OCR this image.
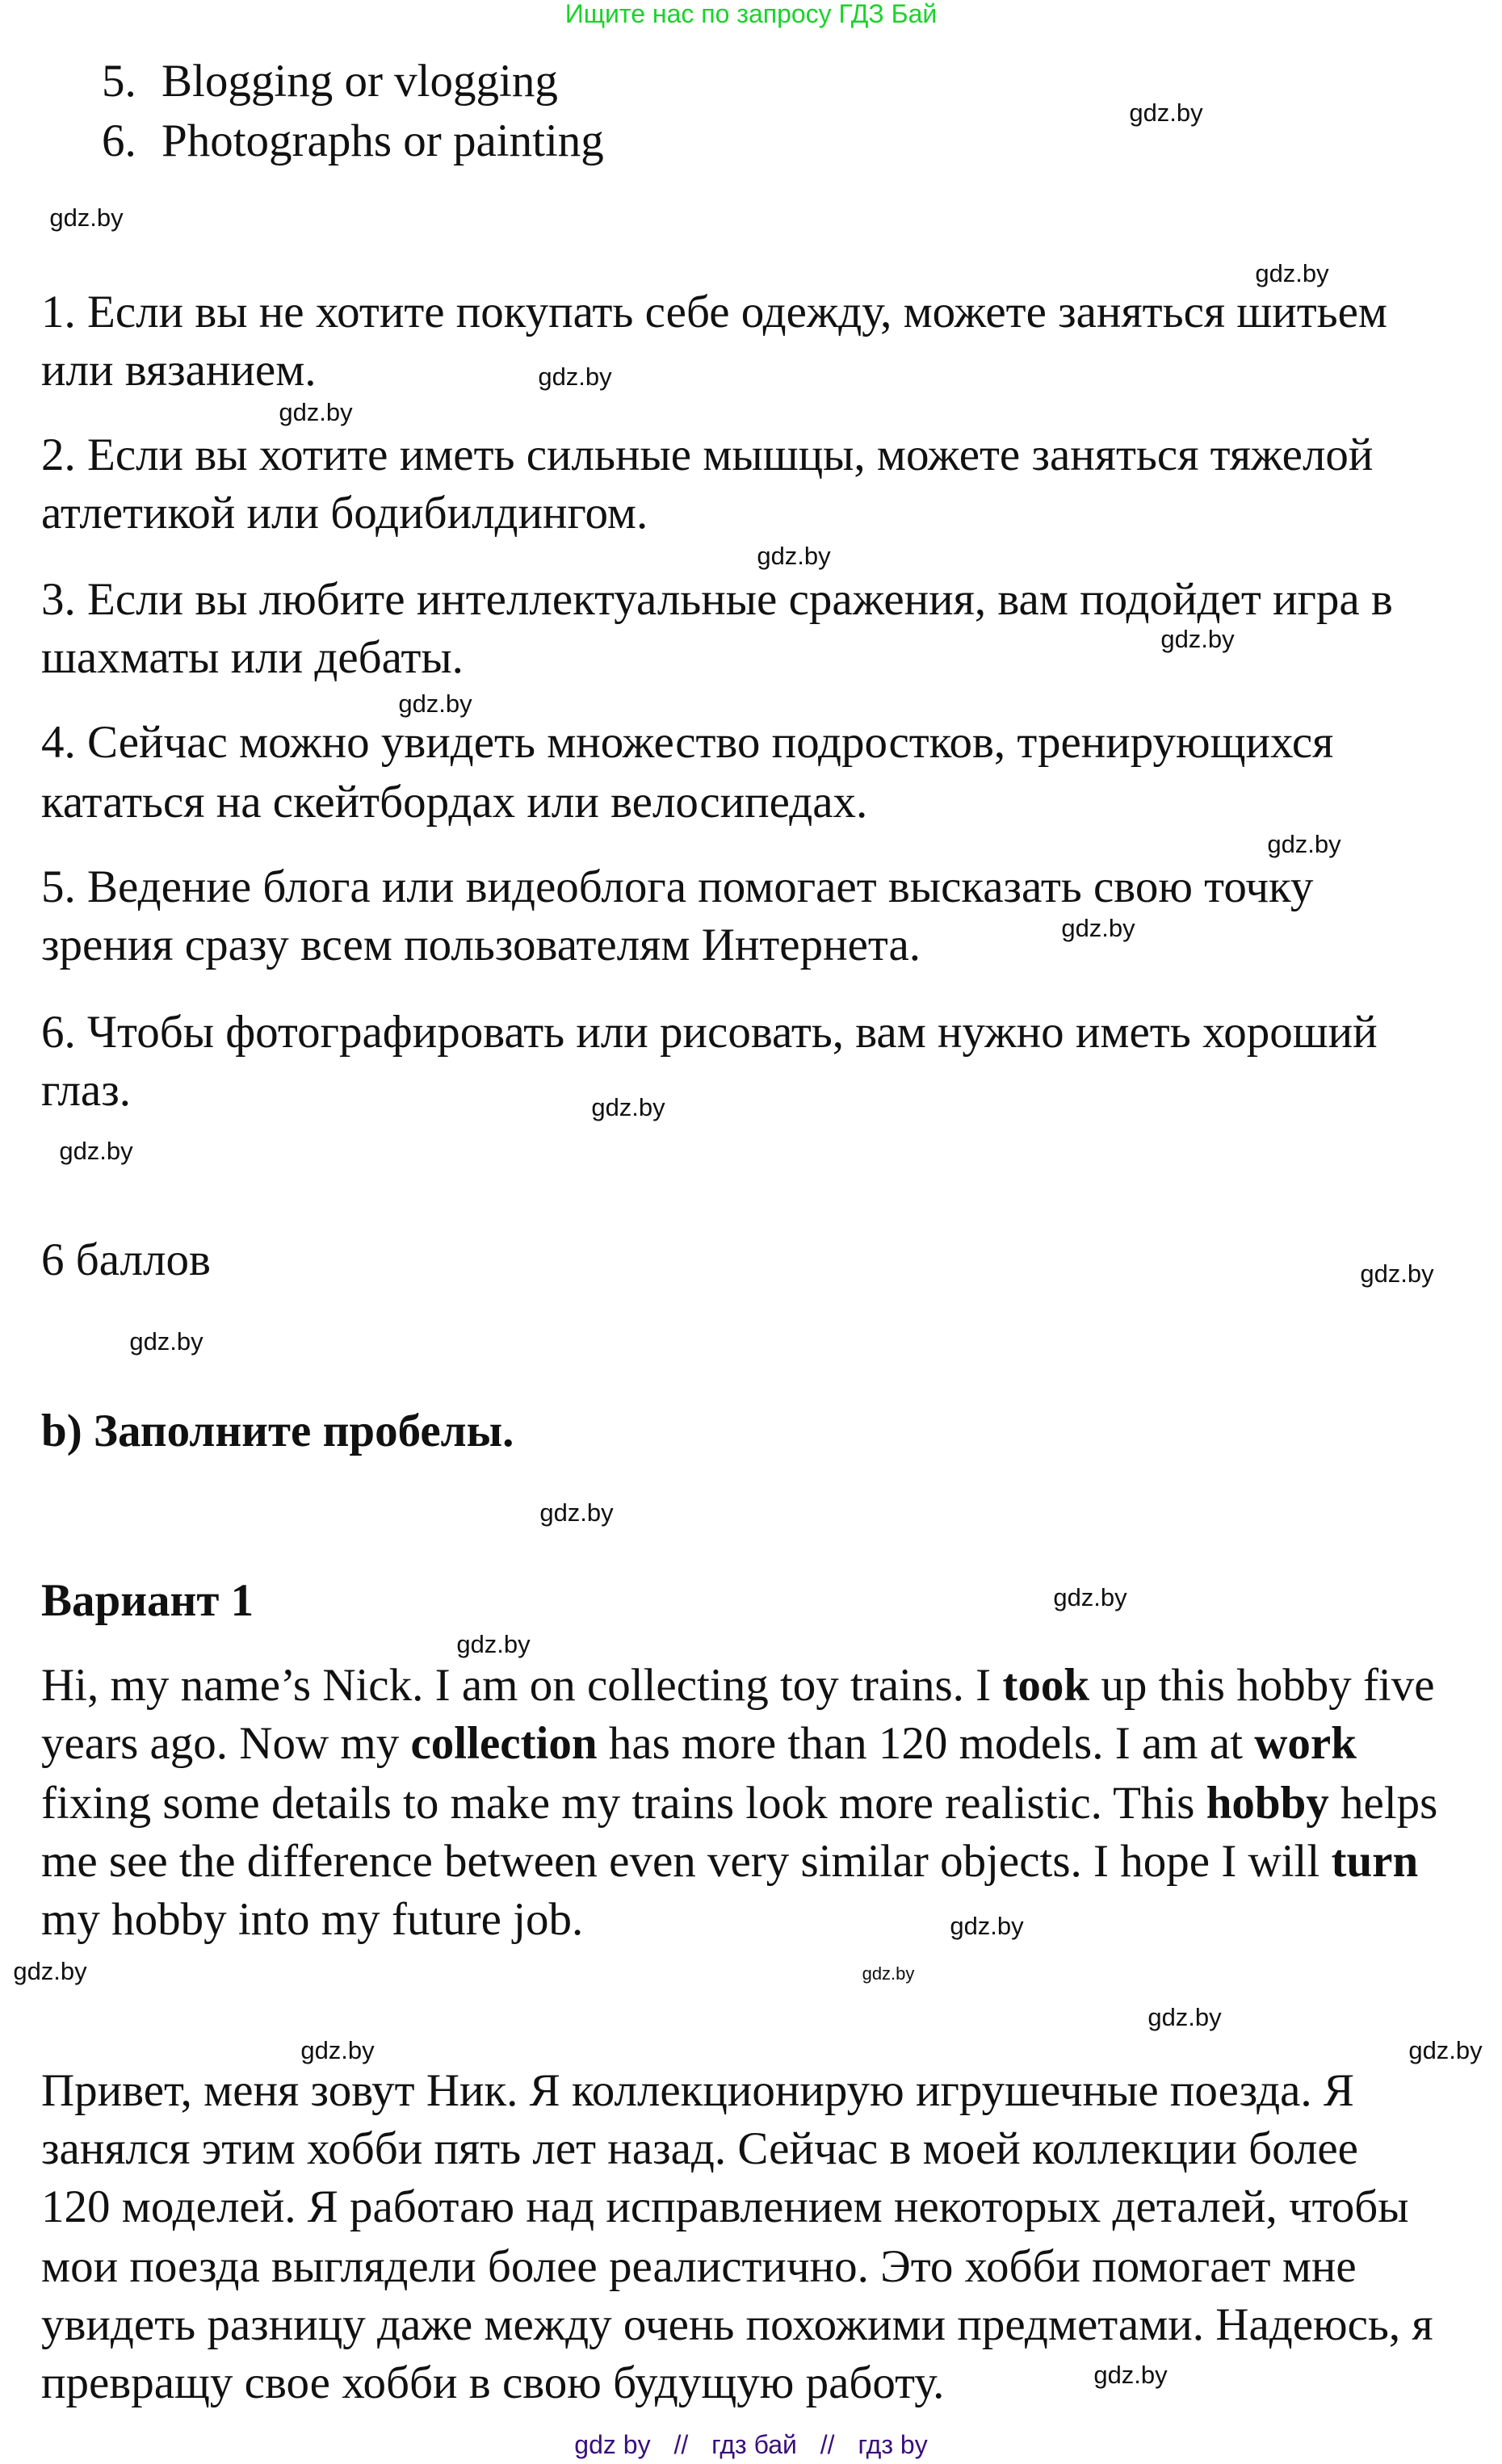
Ищите нас по запросу ГДЗ Бай
5. Blogging or vlogging
6. Photographs or painting
1. Если вы не хотите покупать себе одежду, можете заняться шитьем
или вязанием.
2. Если вы хотите иметь сильные мышцы, можете заняться тяжелой
атлетикой или бодибилдингом.
3. Если вы любите интеллектуальные сражения, вам подойдет игра в
шахматы или дебаты.
4. Сейчас можно увидеть множество подростков, тренирующихся
кататься на скейтбордах или велосипедах.
5. Ведение блога или видеоблога помогает высказать свою точку
зрения сразу всем пользователям Интернета.
6. Чтобы фотографировать или рисовать, вам нужно иметь хороший
глаз.
6 баллов
b) Заполните пробелы.
Вариант 1
Hi, my name’s Nick. I am on collecting toy trains. I took up this hobby five
years ago. Now my collection has more than 120 models. I am at work
fixing some details to make my trains look more realistic. This hobby helps
me see the difference between even very similar objects. I hope I will turn
my hobby into my future job.
Привет, меня зовут Ник. Я коллекционирую игрушечные поезда. Я
занялся этим хобби пять лет назад. Сейчас в моей коллекции более
120 моделей. Я работаю над исправлением некоторых деталей, чтобы
мои поезда выглядели более реалистично. Это хобби помогает мне
увидеть разницу даже между очень похожими предметами. Надеюсь, я
превращу свое хобби в свою будущую работу.
gdz.by
gdz.by
gdz.by
gdz.by
gdz.by
gdz.by
gdz.by
gdz.by
gdz.by
gdz.by
gdz.by
gdz.by
gdz.by
gdz.by
gdz.by
gdz.by
gdz.by
gdz.by
gdz.by
gdz.by
gdz.by	gdz.by
gdz.by
gdz.by
gdz by // гдз бай // гдз by
